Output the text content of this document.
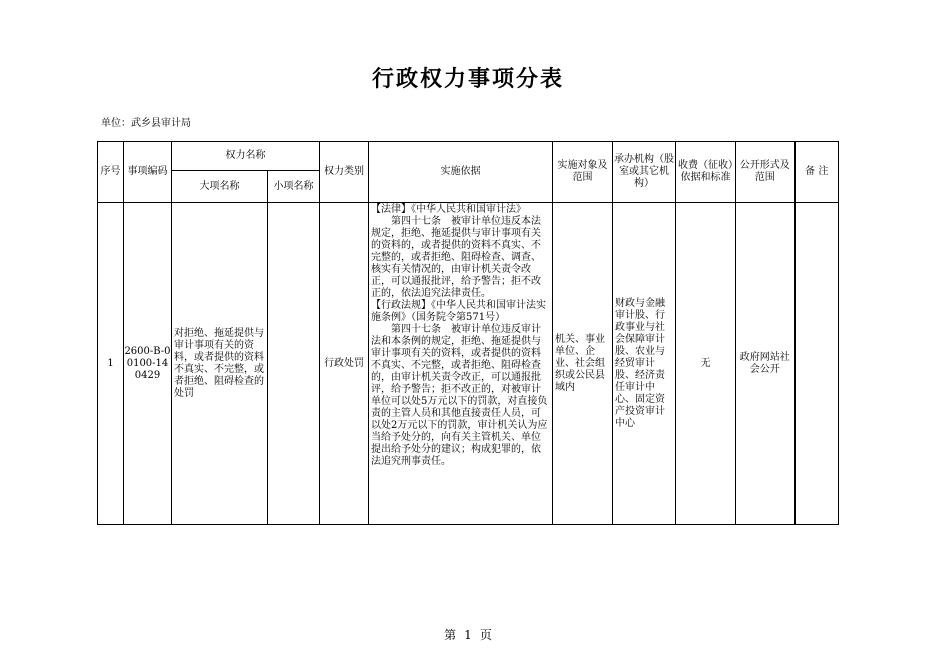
行政权力事项分表
单位：武乡县审计局
序号	事项编码	权力名称		权力类别	实施依据	实施对象及范围	承办机构（股室或其它机构）	收费（征收）依据和标准	公开形式及范围	备 注
		大项名称	小项名称							
1	2600-B-00100-140429	对拒绝、拖延提供与审计事项有关的资料，或者提供的资料不真实、不完整，或者拒绝、阻碍检查的处罚		行政处罚	【法律】《中华人民共和国审计法》

第四十七条　被审计单位违反本法规定，拒绝、拖延提供与审计事项有关的资料的，或者提供的资料不真实、不完整的，或者拒绝、阻碍检查、调查、核实有关情况的，由审计机关责令改正，可以通报批评，给予警告；拒不改正的，依法追究法律责任。

【行政法规】《中华人民共和国审计法实施条例》（国务院令第571号）

第四十七条　被审计单位违反审计法和本条例的规定，拒绝、拖延提供与审计事项有关的资料，或者提供的资料不真实、不完整，或者拒绝、阻碍检查的，由审计机关责令改正，可以通报批评，给予警告；拒不改正的，对被审计单位可以处5万元以下的罚款，对直接负责的主管人员和其他直接责任人员，可以处2万元以下的罚款，审计机关认为应当给予处分的，向有关主管机关、单位提出给予处分的建议；构成犯罪的，依法追究刑事责任。	机关、事业单位、企业、社会组织或公民县域内	财政与金融审计股、行政事业与社会保障审计股、农业与经贸审计股、经济责任审计中心、固定资产投资审计中心	无	政府网站社会公开	
第 1 页
